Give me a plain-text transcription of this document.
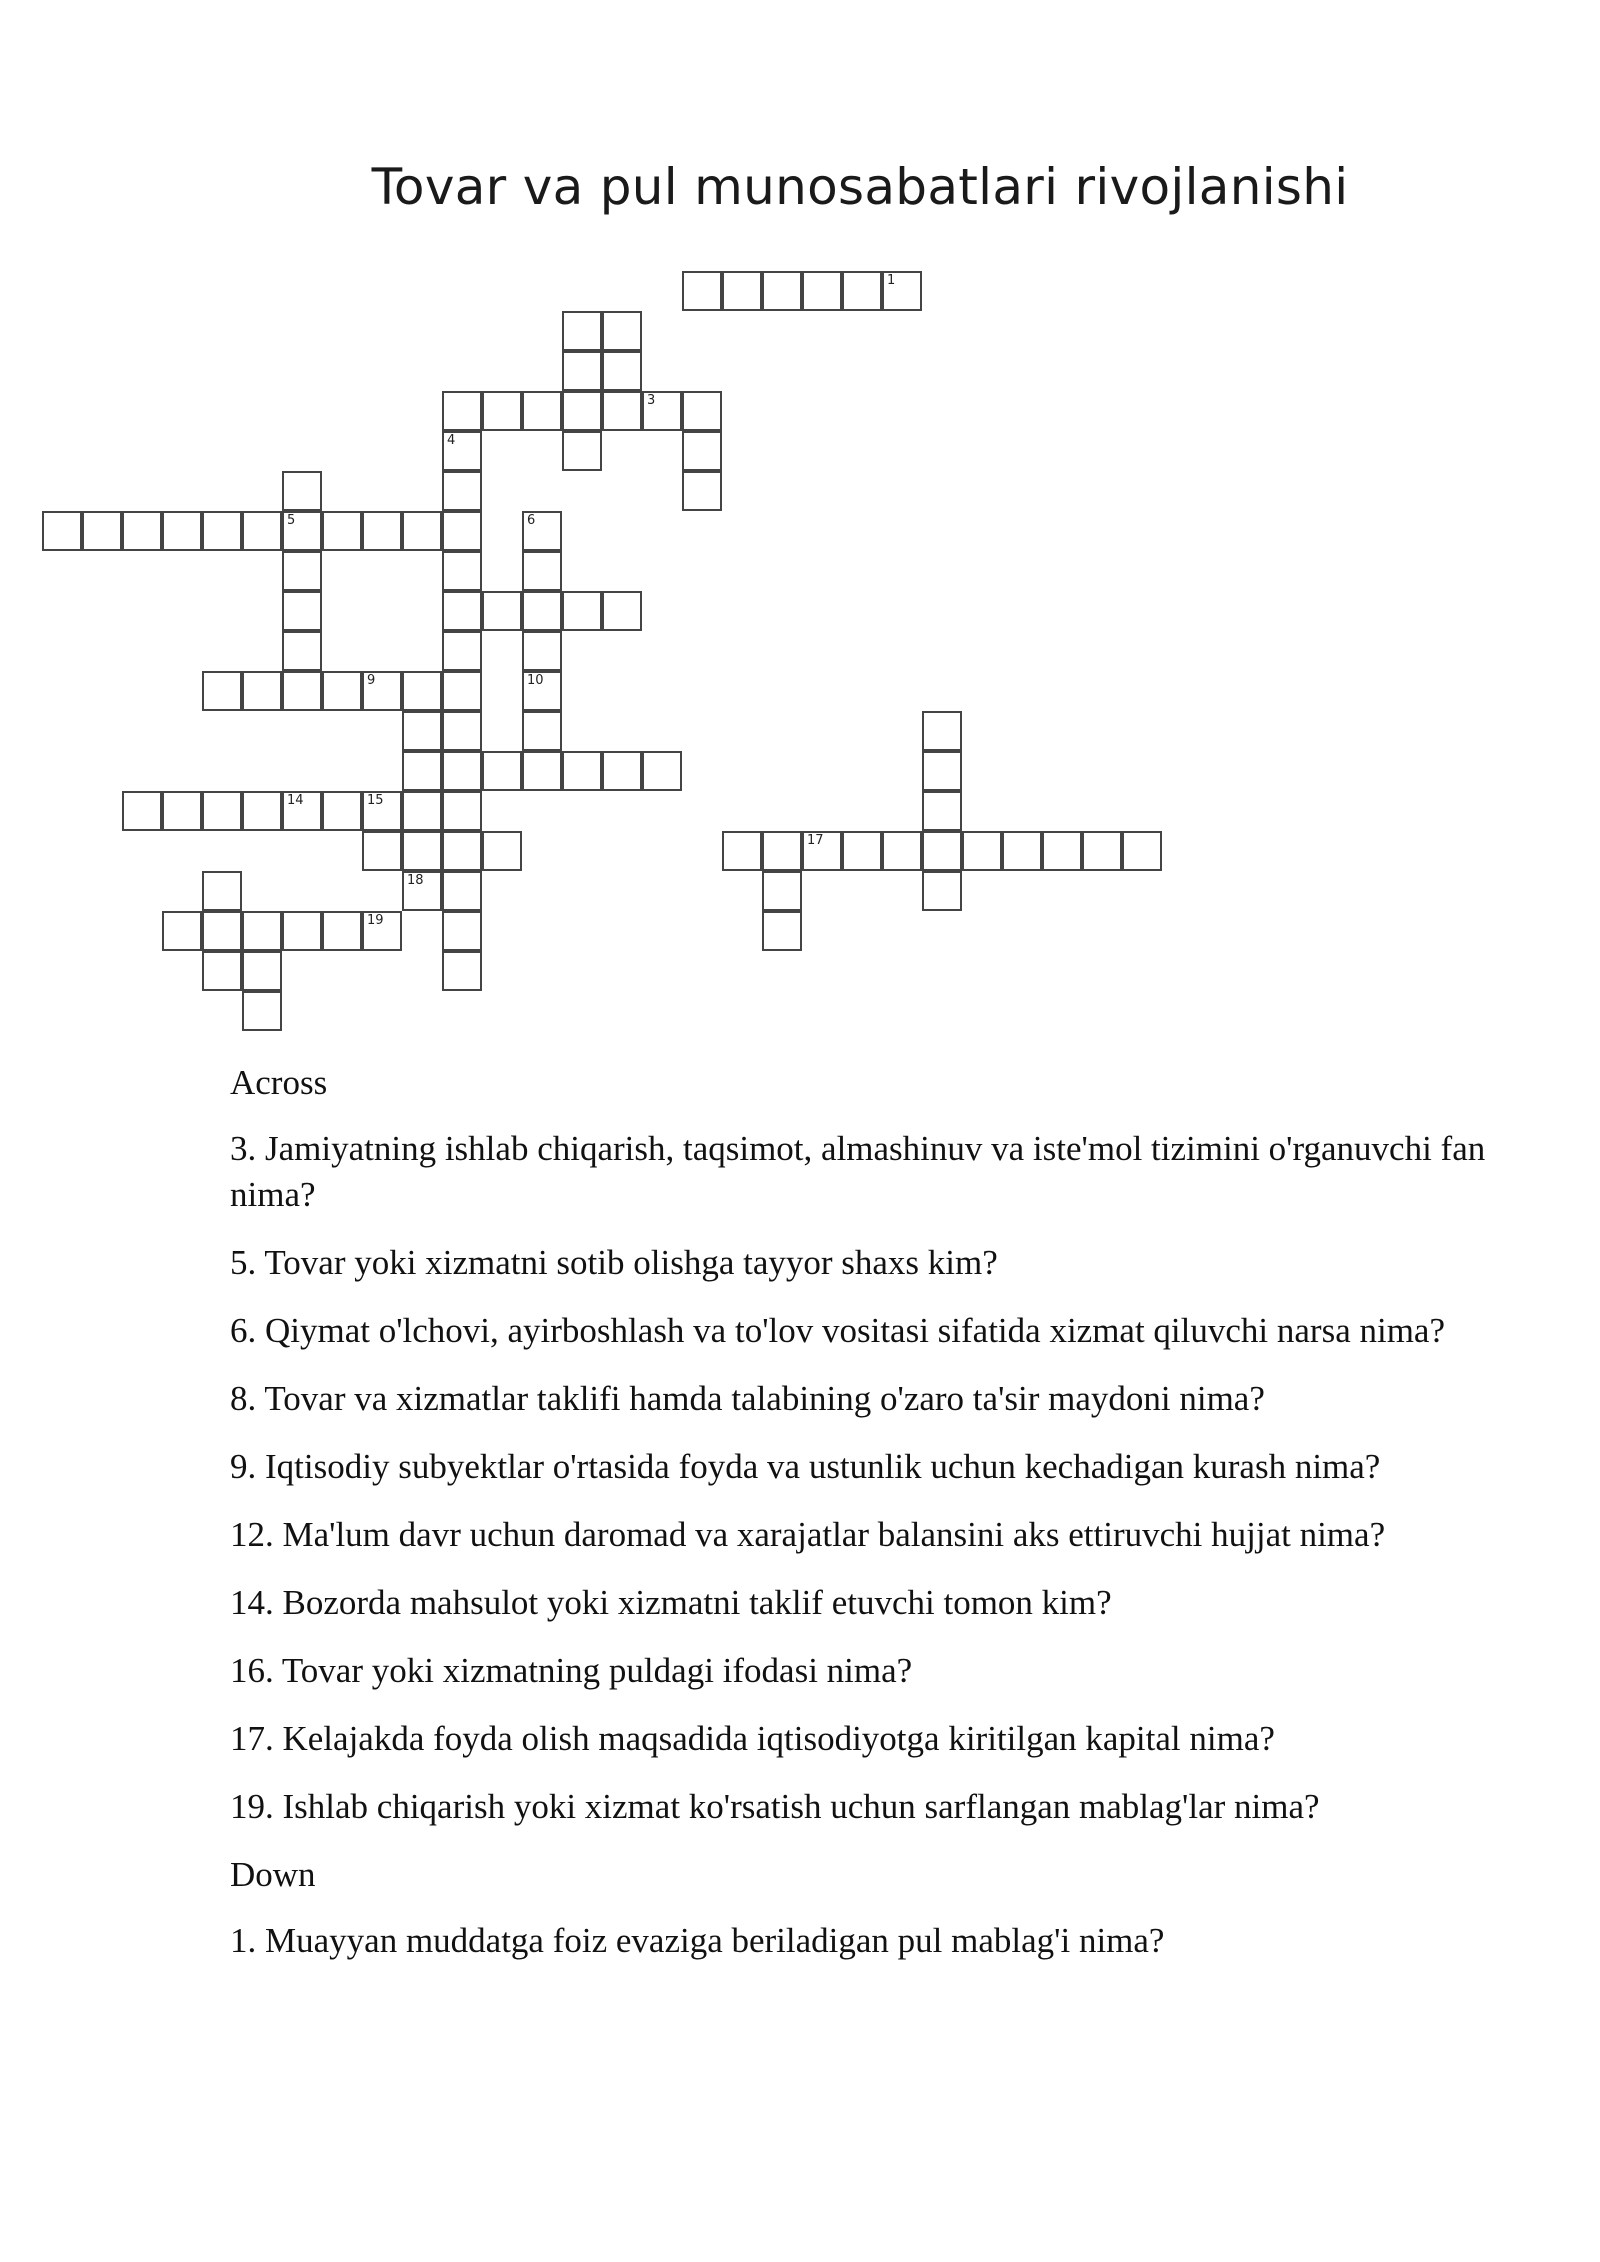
Tovar va pul munosabatlari rivojlanishi
1
3
4
5	6
9	10
14	15
17
18
19
Across
3. Jamiyatning ishlab chiqarish, taqsimot, almashinuv va iste'mol tizimini o'rganuvchi fan nima?
5. Tovar yoki xizmatni sotib olishga tayyor shaxs kim?
6. Qiymat o'lchovi, ayirboshlash va to'lov vositasi sifatida xizmat qiluvchi narsa nima?
8. Tovar va xizmatlar taklifi hamda talabining o'zaro ta'sir maydoni nima?
9. Iqtisodiy subyektlar o'rtasida foyda va ustunlik uchun kechadigan kurash nima?
12. Ma'lum davr uchun daromad va xarajatlar balansini aks ettiruvchi hujjat nima?
14. Bozorda mahsulot yoki xizmatni taklif etuvchi tomon kim?
16. Tovar yoki xizmatning puldagi ifodasi nima?
17. Kelajakda foyda olish maqsadida iqtisodiyotga kiritilgan kapital nima?
19. Ishlab chiqarish yoki xizmat ko'rsatish uchun sarflangan mablag'lar nima?
Down
1. Muayyan muddatga foiz evaziga beriladigan pul mablag'i nima?
